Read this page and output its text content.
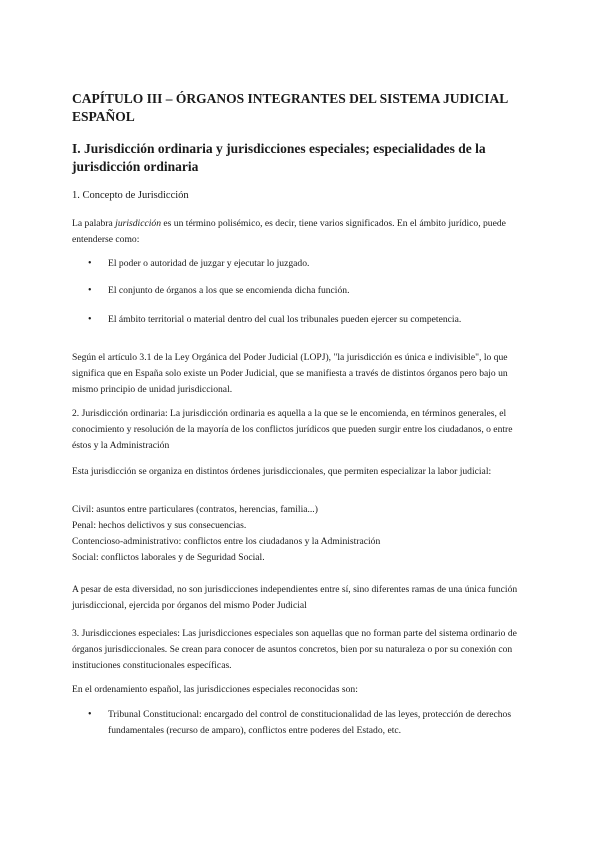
CAPÍTULO III – ÓRGANOS INTEGRANTES DEL SISTEMA JUDICIAL ESPAÑOL
I. Jurisdicción ordinaria y jurisdicciones especiales; especialidades de la jurisdicción ordinaria
1. Concepto de Jurisdicción
La palabra jurisdicción es un término polisémico, es decir, tiene varios significados. En el ámbito jurídico, puede entenderse como:
• El poder o autoridad de juzgar y ejecutar lo juzgado.
• El conjunto de órganos a los que se encomienda dicha función.
• El ámbito territorial o material dentro del cual los tribunales pueden ejercer su competencia.
Según el artículo 3.1 de la Ley Orgánica del Poder Judicial (LOPJ), "la jurisdicción es única e indivisible", lo que significa que en España solo existe un Poder Judicial, que se manifiesta a través de distintos órganos pero bajo un mismo principio de unidad jurisdiccional.
2. Jurisdicción ordinaria: La jurisdicción ordinaria es aquella a la que se le encomienda, en términos generales, el conocimiento y resolución de la mayoría de los conflictos jurídicos que pueden surgir entre los ciudadanos, o entre éstos y la Administración
Esta jurisdicción se organiza en distintos órdenes jurisdiccionales, que permiten especializar la labor judicial:
Civil: asuntos entre particulares (contratos, herencias, familia...)
Penal: hechos delictivos y sus consecuencias.
Contencioso-administrativo: conflictos entre los ciudadanos y la Administración
Social: conflictos laborales y de Seguridad Social.
A pesar de esta diversidad, no son jurisdicciones independientes entre sí, sino diferentes ramas de una única función jurisdiccional, ejercida por órganos del mismo Poder Judicial
3. Jurisdicciones especiales: Las jurisdicciones especiales son aquellas que no forman parte del sistema ordinario de órganos jurisdiccionales. Se crean para conocer de asuntos concretos, bien por su naturaleza o por su conexión con instituciones constitucionales específicas.
En el ordenamiento español, las jurisdicciones especiales reconocidas son:
• Tribunal Constitucional: encargado del control de constitucionalidad de las leyes, protección de derechos fundamentales (recurso de amparo), conflictos entre poderes del Estado, etc.
